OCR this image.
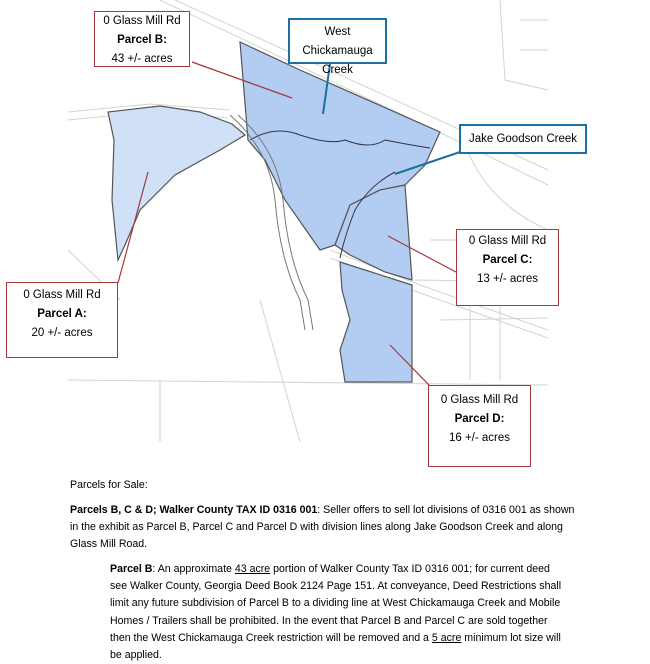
0 Glass Mill Rd
Parcel B:
43 +/- acres
West Chickamauga
Creek
Jake Goodson Creek
0 Glass Mill Rd
Parcel C:
13 +/- acres
0 Glass Mill Rd
Parcel A:
20 +/- acres
0 Glass Mill Rd
Parcel D:
16 +/- acres
Parcels for Sale:
Parcels B, C & D; Walker County TAX ID 0316 001: Seller offers to sell lot divisions of 0316 001 as shown
in the exhibit as Parcel B, Parcel C and Parcel D with division lines along Jake Goodson Creek and along
Glass Mill Road.
Parcel B: An approximate 43 acre portion of Walker County Tax ID 0316 001; for current deed
see Walker County, Georgia Deed Book 2124 Page 151. At conveyance, Deed Restrictions shall
limit any future subdivision of Parcel B to a dividing line at West Chickamauga Creek and Mobile
Homes / Trailers shall be prohibited. In the event that Parcel B and Parcel C are sold together
then the West Chickamauga Creek restriction will be removed and a 5 acre minimum lot size will
be applied.
